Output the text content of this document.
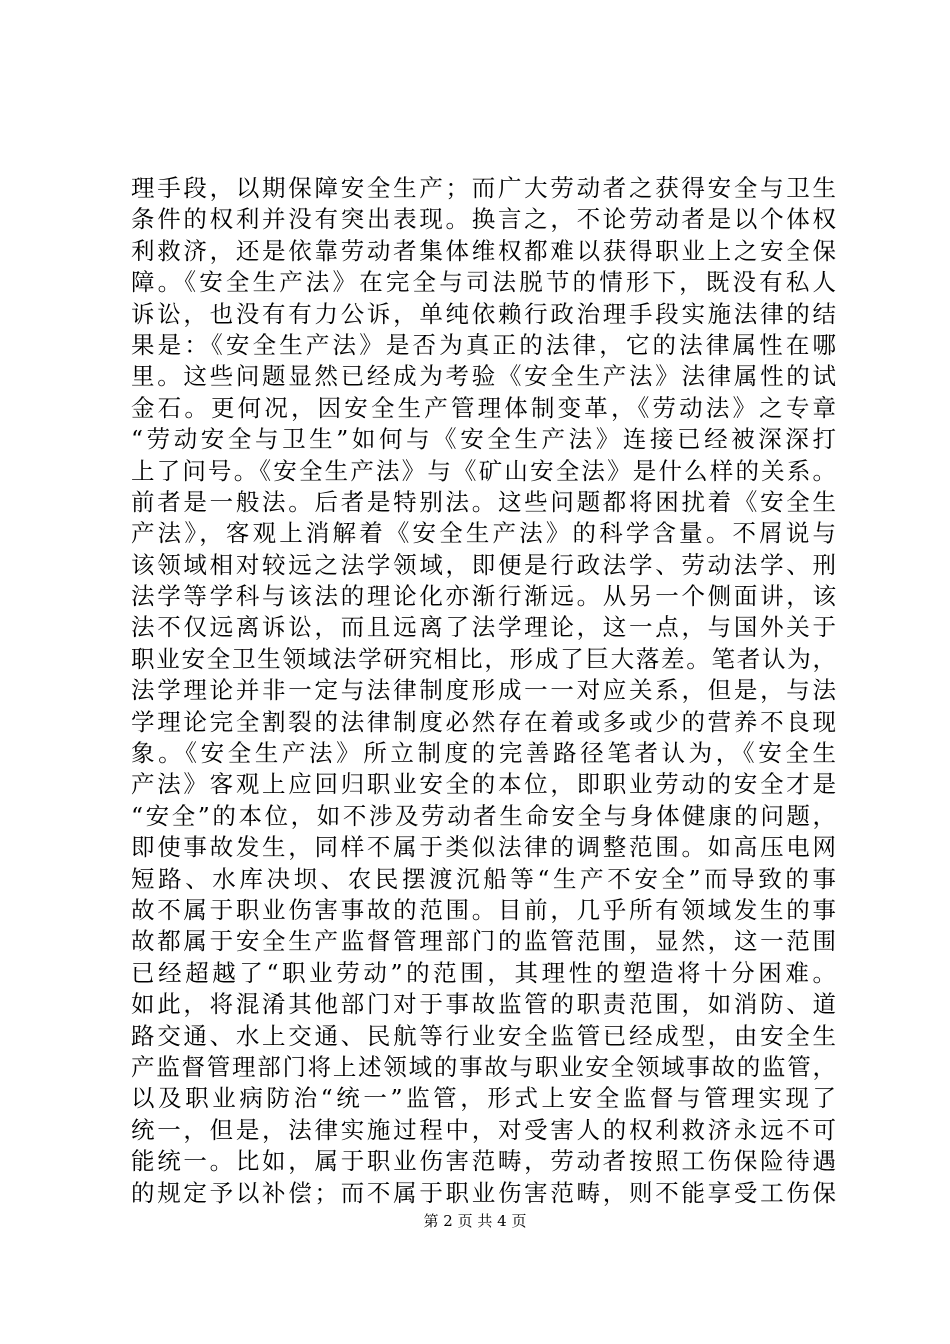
理手段，以期保障安全生产；而广大劳动者之获得安全与卫生
条件的权利并没有突出表现。换言之，不论劳动者是以个体权
利救济，还是依靠劳动者集体维权都难以获得职业上之安全保
障。《安全生产法》在完全与司法脱节的情形下，既没有私人
诉讼，也没有有力公诉，单纯依赖行政治理手段实施法律的结
果是：《安全生产法》是否为真正的法律，它的法律属性在哪
里。这些问题显然已经成为考验《安全生产法》法律属性的试
金石。更何况，因安全生产管理体制变革，《劳动法》之专章
“劳动安全与卫生”如何与《安全生产法》连接已经被深深打
上了问号。《安全生产法》与《矿山安全法》是什么样的关系。
前者是一般法。后者是特别法。这些问题都将困扰着《安全生
产法》，客观上消解着《安全生产法》的科学含量。不屑说与
该领域相对较远之法学领域，即便是行政法学、劳动法学、刑
法学等学科与该法的理论化亦渐行渐远。从另一个侧面讲，该
法不仅远离诉讼，而且远离了法学理论，这一点，与国外关于
职业安全卫生领域法学研究相比，形成了巨大落差。笔者认为，
法学理论并非一定与法律制度形成一一对应关系，但是，与法
学理论完全割裂的法律制度必然存在着或多或少的营养不良现
象。《安全生产法》所立制度的完善路径笔者认为，《安全生
产法》客观上应回归职业安全的本位，即职业劳动的安全才是
“安全”的本位，如不涉及劳动者生命安全与身体健康的问题，
即使事故发生，同样不属于类似法律的调整范围。如高压电网
短路、水库决坝、农民摆渡沉船等“生产不安全”而导致的事
故不属于职业伤害事故的范围。目前，几乎所有领域发生的事
故都属于安全生产监督管理部门的监管范围，显然，这一范围
已经超越了“职业劳动”的范围，其理性的塑造将十分困难。
如此，将混淆其他部门对于事故监管的职责范围，如消防、道
路交通、水上交通、民航等行业安全监管已经成型，由安全生
产监督管理部门将上述领域的事故与职业安全领域事故的监管，
以及职业病防治“统一”监管，形式上安全监督与管理实现了
统一，但是，法律实施过程中，对受害人的权利救济永远不可
能统一。比如，属于职业伤害范畴，劳动者按照工伤保险待遇
的规定予以补偿；而不属于职业伤害范畴，则不能享受工伤保
第 2 页 共 4 页
